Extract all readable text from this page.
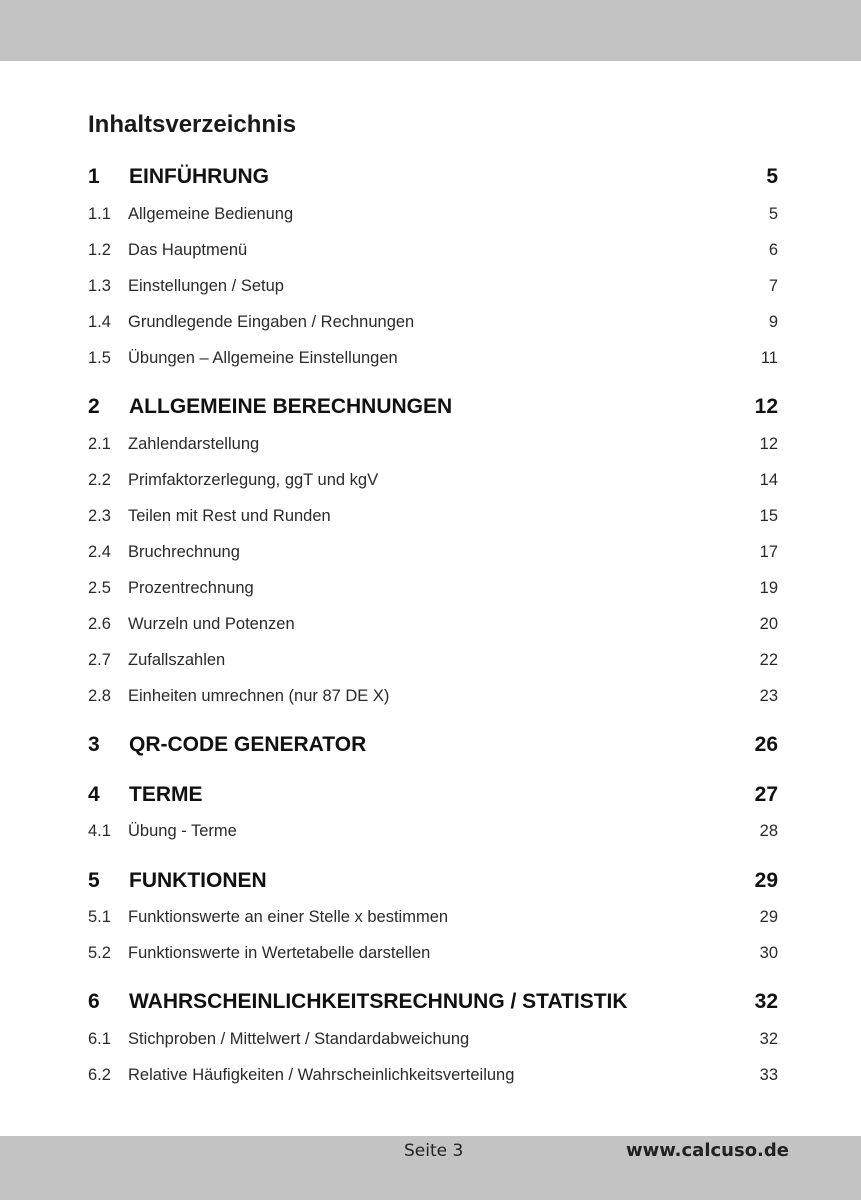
Inhaltsverzeichnis
1 EINFÜHRUNG	5
1.1 Allgemeine Bedienung	5
1.2 Das Hauptmenü	6
1.3 Einstellungen / Setup	7
1.4 Grundlegende Eingaben / Rechnungen	9
1.5 Übungen – Allgemeine Einstellungen	11
2 ALLGEMEINE BERECHNUNGEN	12
2.1 Zahlendarstellung	12
2.2 Primfaktorzerlegung, ggT und kgV	14
2.3 Teilen mit Rest und Runden	15
2.4 Bruchrechnung	17
2.5 Prozentrechnung	19
2.6 Wurzeln und Potenzen	20
2.7 Zufallszahlen	22
2.8 Einheiten umrechnen (nur 87 DE X)	23
3 QR-CODE GENERATOR	26
4 TERME	27
4.1 Übung - Terme	28
5 FUNKTIONEN	29
5.1 Funktionswerte an einer Stelle x bestimmen	29
5.2 Funktionswerte in Wertetabelle darstellen	30
6 WAHRSCHEINLICHKEITSRECHNUNG / STATISTIK	32
6.1 Stichproben / Mittelwert / Standardabweichung	32
6.2 Relative Häufigkeiten / Wahrscheinlichkeitsverteilung	33
Seite 3	www.calcuso.de
